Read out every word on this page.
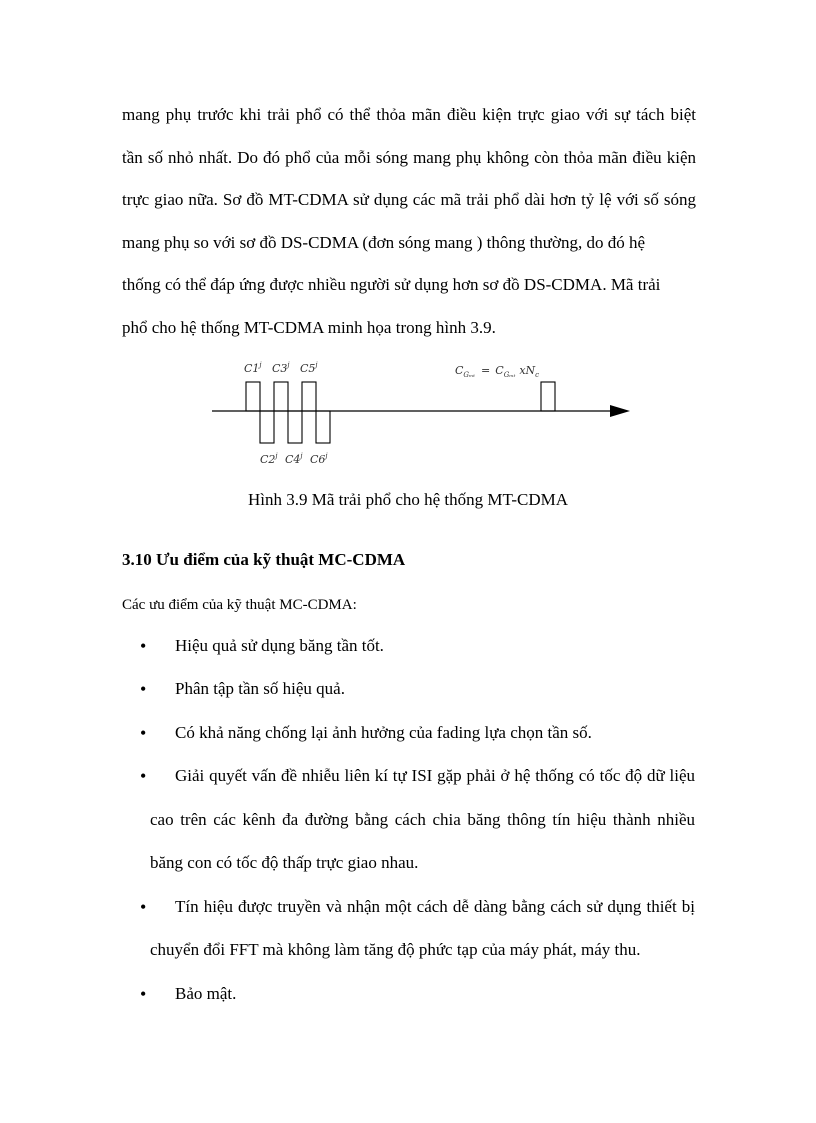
mang phụ trước khi trải phổ có thể thỏa mãn điều kiện trực giao với sự tách biệt
tần số nhỏ nhất. Do đó phổ của mỗi sóng mang phụ không còn thỏa mãn điều kiện
trực giao nữa. Sơ đồ MT-CDMA sử dụng các mã trải phổ dài hơn tỷ lệ với số sóng
mang phụ so với sơ đồ DS-CDMA (đơn sóng mang ) thông thường, do đó hệ
thống có thể đáp ứng được nhiều người sử dụng hơn sơ đồ DS-CDMA. Mã trải
phổ cho hệ thống MT-CDMA minh họa trong hình 3.9.
C1$^j$ C3$^j$ C5$^j$
C2$^j$ C4$^j$ C6$^j$
$C_{G_{mt}} = C_{G_{mt}}$ $xN_c$

Hình 3.9 Mã trải phổ cho hệ thống MT-CDMA

3.10 Ưu điểm của kỹ thuật MC-CDMA

Các ưu điểm của kỹ thuật MC-CDMA:

• Hiệu quả sử dụng băng tần tốt.
• Phân tập tần số hiệu quả.
• Có khả năng chống lại ảnh hưởng của fading lựa chọn tần số.
• Giải quyết vấn đề nhiễu liên kí tự ISI gặp phải ở hệ thống có tốc độ dữ liệu
cao trên các kênh đa đường bằng cách chia băng thông tín hiệu thành nhiều
băng con có tốc độ thấp trực giao nhau.
• Tín hiệu được truyền và nhận một cách dễ dàng bằng cách sử dụng thiết bị
chuyển đổi FFT mà không làm tăng độ phức tạp của máy phát, máy thu.
• Bảo mật.
